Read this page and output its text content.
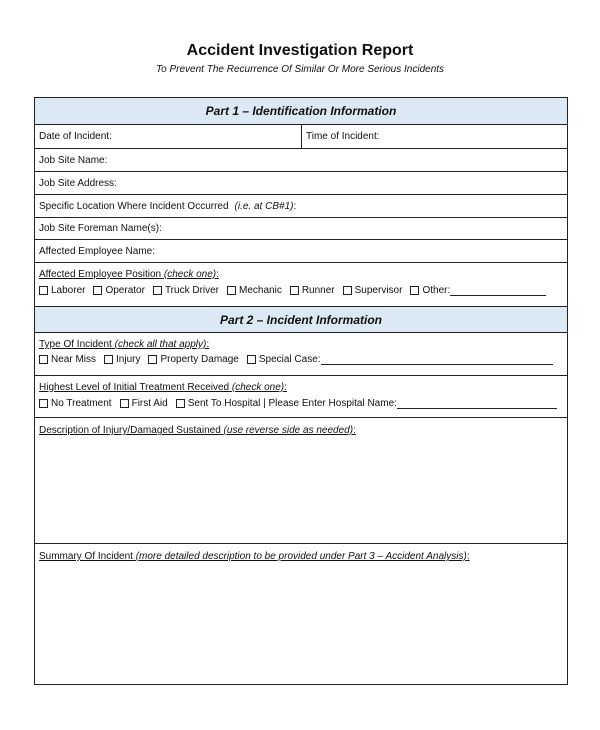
Accident Investigation Report
To Prevent The Recurrence Of Similar Or More Serious Incidents
Part 1 – Identification Information
Date of Incident:	Time of Incident:
Job Site Name:
Job Site Address:
Specific Location Where Incident Occurred (i.e. at CB#1) :
Job Site Foreman Name(s):
Affected Employee Name:
Affected Employee Position (check one):
Laborer Operator Truck Driver Mechanic Runner Supervisor Other:
Part 2 – Incident Information
Type Of Incident (check all that apply):
Near Miss Injury Property Damage Special Case:
Highest Level of Initial Treatment Received (check one):
No Treatment First Aid Sent To Hospital | Please Enter Hospital Name:
Description of Injury/Damaged Sustained (use reverse side as needed):
Summary Of Incident (more detailed description to be provided under Part 3 – Accident Analysis):
